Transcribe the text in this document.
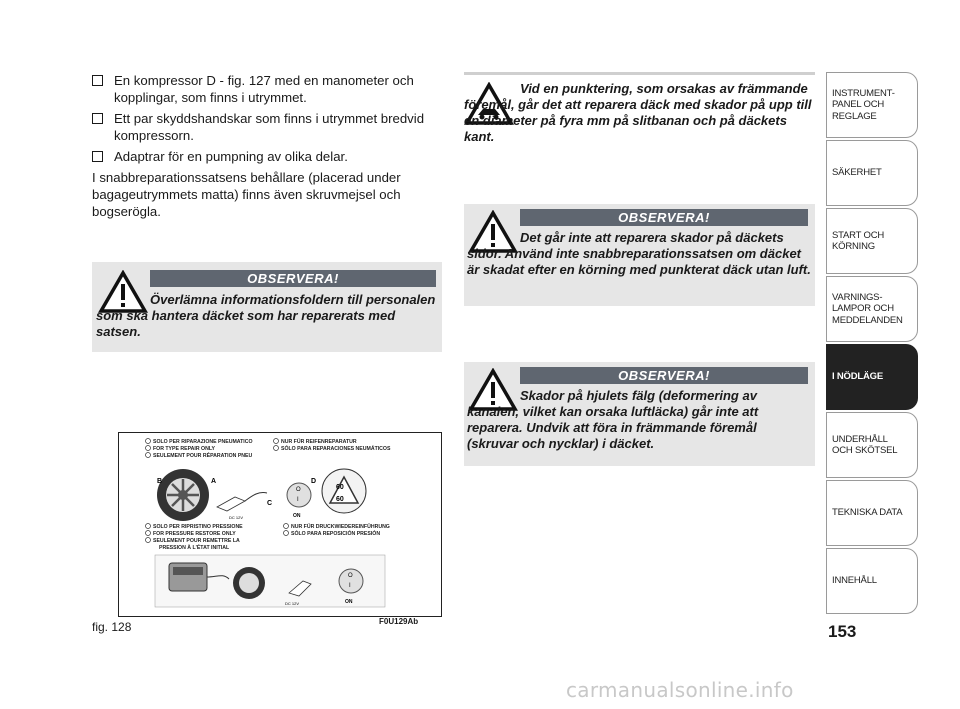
En kompressor D - fig. 127 med en manometer och kopplingar, som finns i utrymmet.
Ett par skyddshandskar som finns i utrymmet bredvid kompressorn.
Adaptrar för en pumpning av olika delar.
I snabbreparationssatsens behållare (placerad under bagageutrymmets matta) finns även skruvmejsel och bogserögla.
OBSERVERA!
Överlämna informationsfoldern till personalen som ska hantera däcket som har reparerats med satsen.
SOLO PER RIPARAZIONE PNEUMATICO
FOR TYPE REPAIR ONLY
SEULEMENT POUR RÉPARATION PNEU
NUR FÜR REIFENREPARATUR
SÓLO PARA REPARACIONES NEUMÁTICOS
SOLO PER RIPRISTINO PRESSIONE
FOR PRESSURE RESTORE ONLY
SEULEMENT POUR REMETTRE LA
PRESSION À L'ÉTAT INITIAL
NUR FÜR DRUCKWIEDEREINFÜHRUNG
SÓLO PARA REPOSICIÓN PRESIÓN
B	A
C
DC 12V
O
I
ON
D
60
60
DC 12V
O
I
ON
fig. 128	F0U129Ab
Vid en punktering, som orsakas av främmande föremål, går det att reparera däck med skador på upp till en diameter på fyra mm på slitbanan och på däckets kant.
OBSERVERA!
Det går inte att reparera skador på däckets sidor. Använd inte snabbreparationssatsen om däcket är skadat efter en körning med punkterat däck utan luft.
OBSERVERA!
Skador på hjulets fälg (deformering av kanalen, vilket kan orsaka luftläcka) går inte att reparera. Undvik att föra in främmande föremål (skruvar och nycklar) i däcket.
INSTRUMENT-
PANEL OCH
REGLAGE
SÄKERHET
START OCH
KÖRNING
VARNINGS-
LAMPOR OCH
MEDDELANDEN
I NÖDLÄGE
UNDERHÅLL
OCH SKÖTSEL
TEKNISKA DATA
INNEHÅLL
153
carmanualsonline.info
